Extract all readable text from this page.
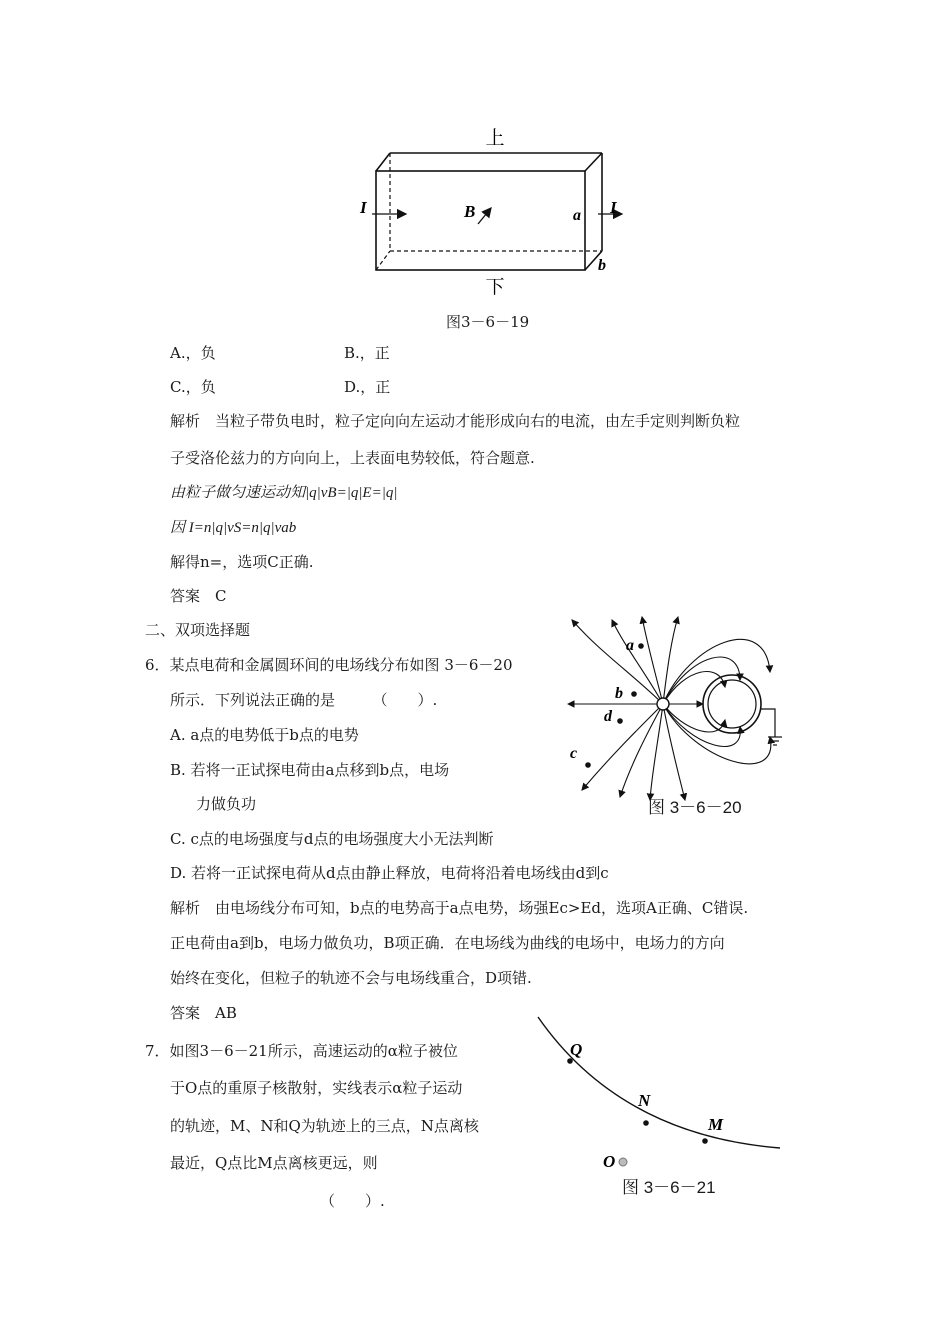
上
下
I	I
B	a
b
图3－6－19
A.，负	B.，正
C.，负	D.，正
解析　当粒子带负电时，粒子定向向左运动才能形成向右的电流，由左手定则判断负粒
子受洛伦兹力的方向向上，上表面电势较低，符合题意.
由粒子做匀速运动知|q|vB=|q|E=|q|
因 I=n|q|vS=n|q|vab
解得n=，选项C正确.
答案　C
二、双项选择题
6．某点电荷和金属圆环间的电场线分布如图 3－6－20
所示．下列说法正确的是　　　（　　）.
A. a点的电势低于b点的电势
B. 若将一正试探电荷由a点移到b点，电场
力做负功
C. c点的电场强度与d点的电场强度大小无法判断
D. 若将一正试探电荷从d点由静止释放，电荷将沿着电场线由d到c
解析　由电场线分布可知，b点的电势高于a点电势，场强Ec>Ed，选项A正确、C错误.
正电荷由a到b，电场力做负功，B项正确．在电场线为曲线的电场中，电场力的方向
始终在变化，但粒子的轨迹不会与电场线重合，D项错.
答案　AB
a
b
d
c
图 3－6－20
7．如图3－6－21所示，高速运动的α粒子被位
于O点的重原子核散射，实线表示α粒子运动
的轨迹，M、N和Q为轨迹上的三点，N点离核
最近，Q点比M点离核更远，则
（　　）.
Q
N
M
O
图 3－6－21
